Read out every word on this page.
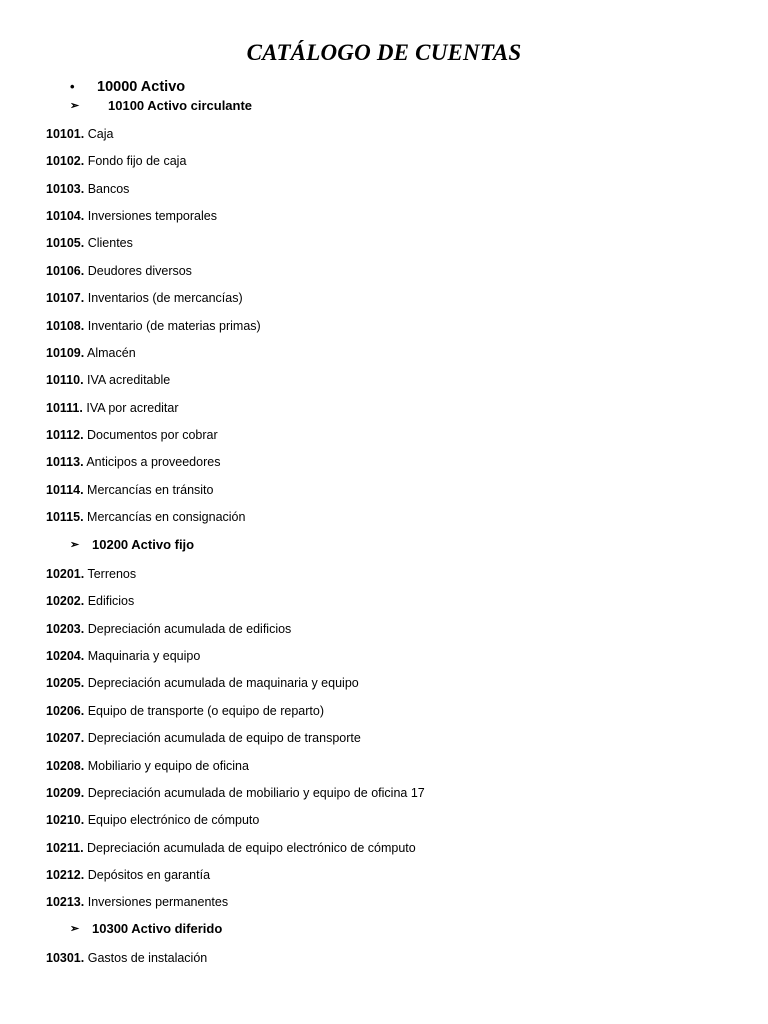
CATÁLOGO DE CUENTAS
• 10000 Activo
➢ 10100 Activo circulante
10101. Caja
10102. Fondo fijo de caja
10103. Bancos
10104. Inversiones temporales
10105. Clientes
10106. Deudores diversos
10107. Inventarios (de mercancías)
10108. Inventario (de materias primas)
10109. Almacén
10110. IVA acreditable
10111. IVA por acreditar
10112. Documentos por cobrar
10113. Anticipos a proveedores
10114. Mercancías en tránsito
10115. Mercancías en consignación
➢ 10200 Activo fijo
10201. Terrenos
10202. Edificios
10203. Depreciación acumulada de edificios
10204. Maquinaria y equipo
10205. Depreciación acumulada de maquinaria y equipo
10206. Equipo de transporte (o equipo de reparto)
10207. Depreciación acumulada de equipo de transporte
10208. Mobiliario y equipo de oficina
10209. Depreciación acumulada de mobiliario y equipo de oficina 17
10210. Equipo electrónico de cómputo
10211. Depreciación acumulada de equipo electrónico de cómputo
10212. Depósitos en garantía
10213. Inversiones permanentes
➢ 10300 Activo diferido
10301. Gastos de instalación
